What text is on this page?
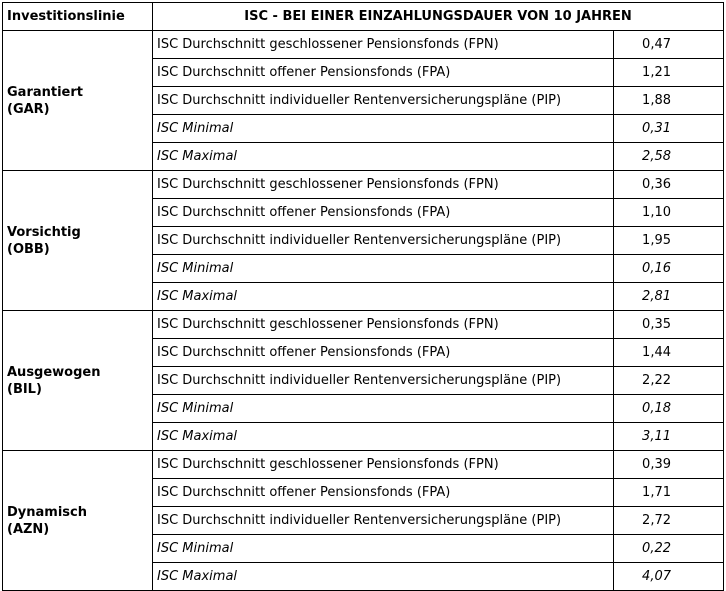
Investitionslinie	ISC - BEI EINER EINZAHLUNGSDAUER VON 10 JAHREN	

Garantiert
(GAR)	ISC Durchschnitt geschlossener Pensionsfonds (FPN)	0,47
	ISC Durchschnitt offener Pensionsfonds (FPA)	1,21
	ISC Durchschnitt individueller Rentenversicherungspläne (PIP)	1,88
	ISC Minimal	0,31
	ISC Maximal	2,58

Vorsichtig
(OBB)	ISC Durchschnitt geschlossener Pensionsfonds (FPN)	0,36
	ISC Durchschnitt offener Pensionsfonds (FPA)	1,10
	ISC Durchschnitt individueller Rentenversicherungspläne (PIP)	1,95
	ISC Minimal	0,16
	ISC Maximal	2,81

Ausgewogen
(BIL)	ISC Durchschnitt geschlossener Pensionsfonds (FPN)	0,35
	ISC Durchschnitt offener Pensionsfonds (FPA)	1,44
	ISC Durchschnitt individueller Rentenversicherungspläne (PIP)	2,22
	ISC Minimal	0,18
	ISC Maximal	3,11

Dynamisch
(AZN)	ISC Durchschnitt geschlossener Pensionsfonds (FPN)	0,39
	ISC Durchschnitt offener Pensionsfonds (FPA)	1,71
	ISC Durchschnitt individueller Rentenversicherungspläne (PIP)	2,72
	ISC Minimal	0,22
	ISC Maximal	4,07
